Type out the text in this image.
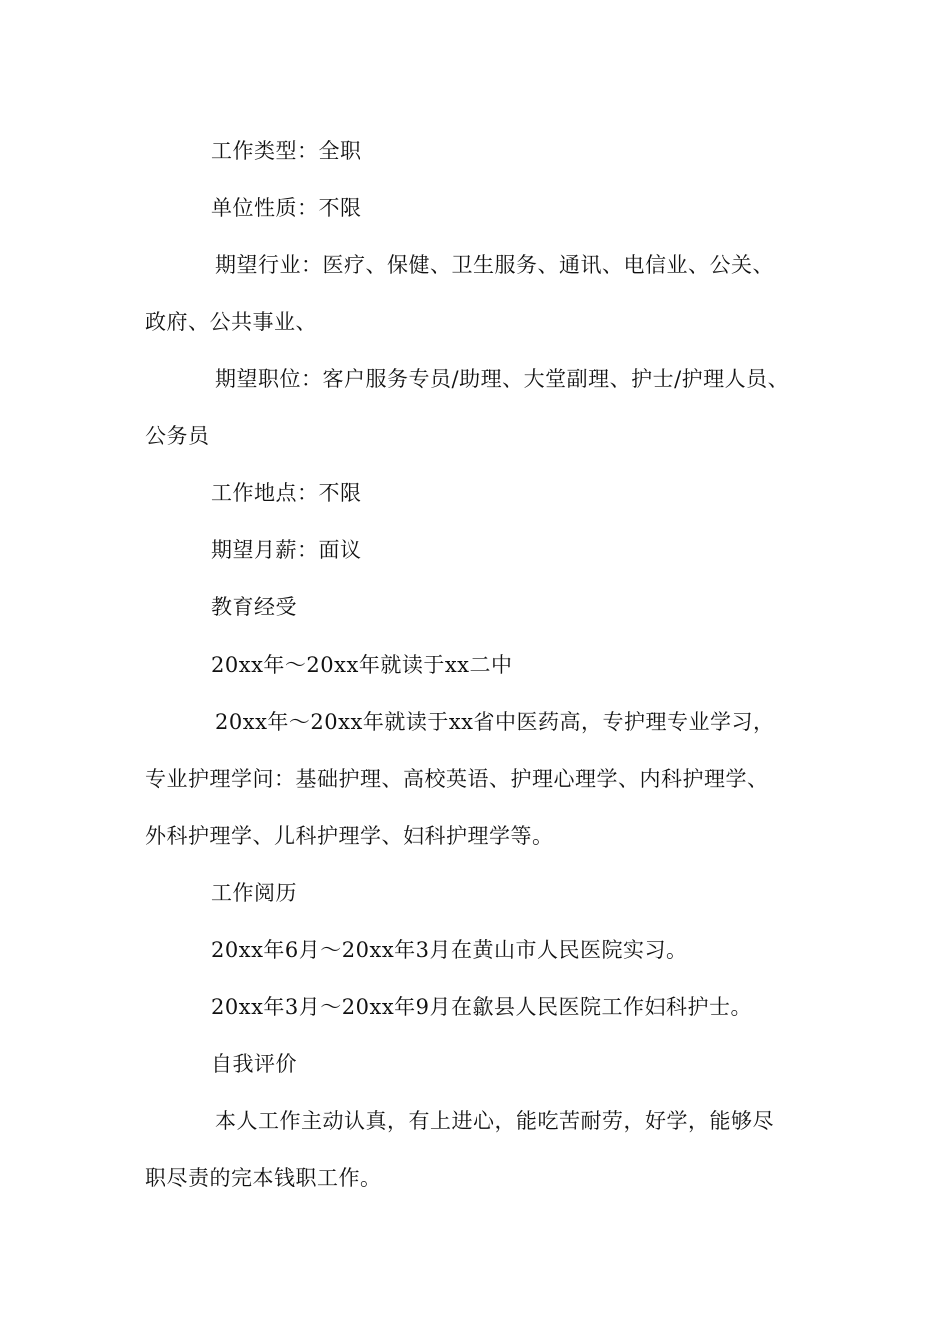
工作类型：全职
单位性质：不限
期望行业：医疗、保健、卫生服务、通讯、电信业、公关、
政府、公共事业、
期望职位：客户服务专员/助理、大堂副理、护士/护理人员、
公务员
工作地点：不限
期望月薪：面议
教育经受
20xx年～20xx年就读于xx二中
20xx年～20xx年就读于xx省中医药高，专护理专业学习，
专业护理学问：基础护理、高校英语、护理心理学、内科护理学、
外科护理学、儿科护理学、妇科护理学等。
工作阅历
20xx年6月～20xx年3月在黄山市人民医院实习。
20xx年3月～20xx年9月在歙县人民医院工作妇科护士。
自我评价
本人工作主动认真，有上进心，能吃苦耐劳，好学，能够尽
职尽责的完本钱职工作。
